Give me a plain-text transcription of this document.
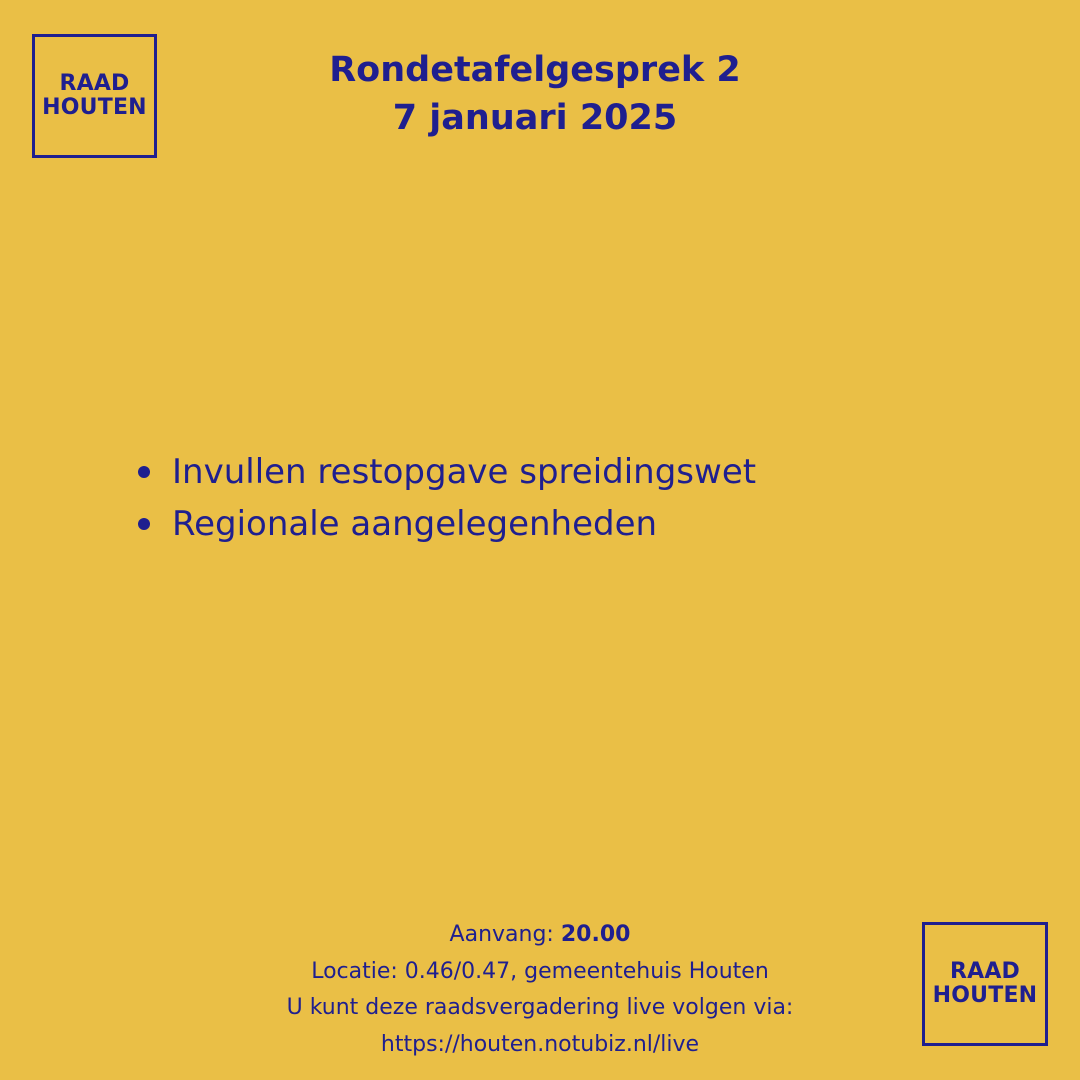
RAAD
HOUTEN
Rondetafelgesprek 2
7 januari 2025
Invullen restopgave spreidingswet
Regionale aangelegenheden
Aanvang: 20.00
Locatie: 0.46/0.47, gemeentehuis Houten
U kunt deze raadsvergadering live volgen via:
https://houten.notubiz.nl/live
RAAD
HOUTEN
